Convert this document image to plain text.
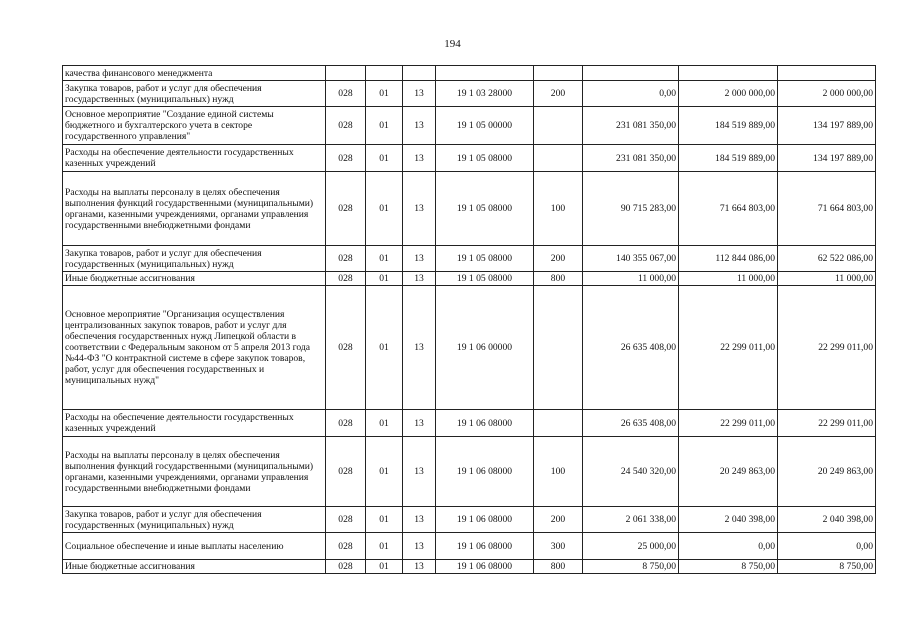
194
качества финансового менеджмента								
Закупка товаров, работ и услуг для обеспечения государственных (муниципальных) нужд	028	01	13	19 1 03 28000	200	0,00	2 000 000,00	2 000 000,00
Основное мероприятие "Создание единой системы бюджетного и бухгалтерского учета в секторе государственного управления"	028	01	13	19 1 05 00000		231 081 350,00	184 519 889,00	134 197 889,00
Расходы на обеспечение деятельности государственных казенных учреждений	028	01	13	19 1 05 08000		231 081 350,00	184 519 889,00	134 197 889,00
Расходы на выплаты персоналу в целях обеспечения выполнения функций государственными (муниципальными) органами, казенными учреждениями, органами управления государственными внебюджетными фондами	028	01	13	19 1 05 08000	100	90 715 283,00	71 664 803,00	71 664 803,00
Закупка товаров, работ и услуг для обеспечения государственных (муниципальных) нужд	028	01	13	19 1 05 08000	200	140 355 067,00	112 844 086,00	62 522 086,00
Иные бюджетные ассигнования	028	01	13	19 1 05 08000	800	11 000,00	11 000,00	11 000,00
Основное мероприятие "Организация осуществления централизованных закупок товаров, работ и услуг для обеспечения государственных нужд Липецкой области в соответствии с Федеральным законом от 5 апреля 2013 года №44-ФЗ "О контрактной системе в сфере закупок товаров, работ, услуг для обеспечения государственных и муниципальных нужд"	028	01	13	19 1 06 00000		26 635 408,00	22 299 011,00	22 299 011,00
Расходы на обеспечение деятельности государственных казенных учреждений	028	01	13	19 1 06 08000		26 635 408,00	22 299 011,00	22 299 011,00
Расходы на выплаты персоналу в целях обеспечения выполнения функций государственными (муниципальными) органами, казенными учреждениями, органами управления государственными внебюджетными фондами	028	01	13	19 1 06 08000	100	24 540 320,00	20 249 863,00	20 249 863,00
Закупка товаров, работ и услуг для обеспечения государственных (муниципальных) нужд	028	01	13	19 1 06 08000	200	2 061 338,00	2 040 398,00	2 040 398,00
Социальное обеспечение и иные выплаты населению	028	01	13	19 1 06 08000	300	25 000,00	0,00	0,00
Иные бюджетные ассигнования	028	01	13	19 1 06 08000	800	8 750,00	8 750,00	8 750,00
